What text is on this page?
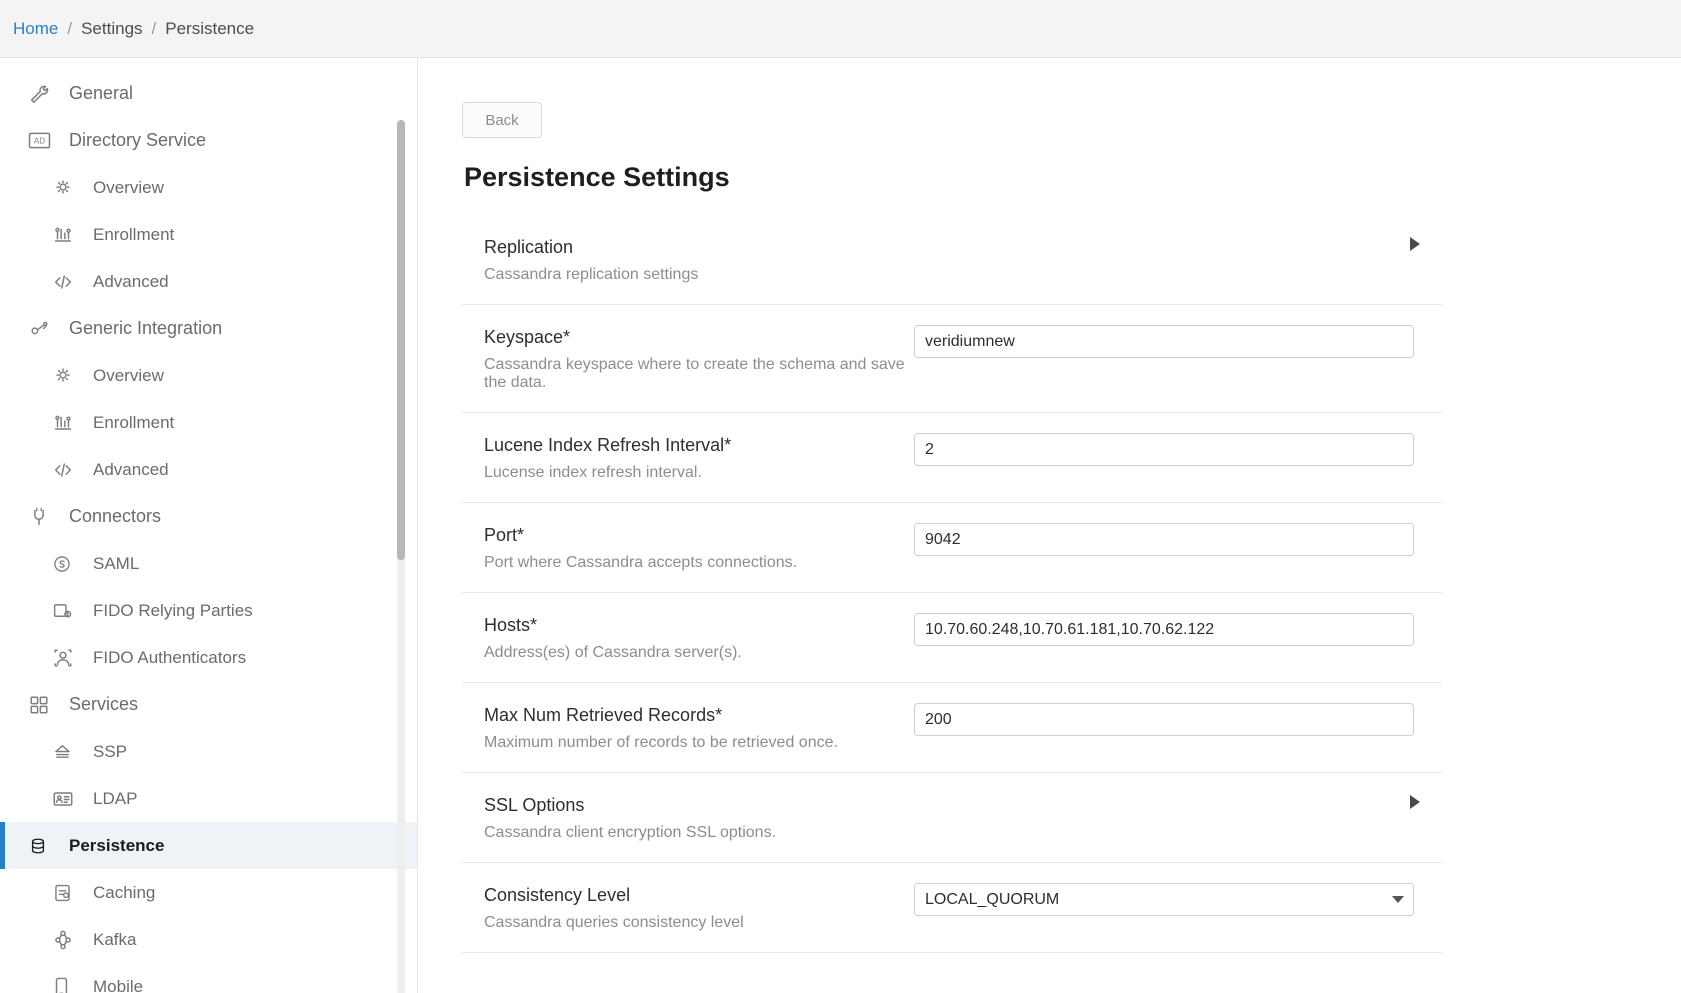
Home / Settings / Persistence
General
AD Directory Service
Overview
Enrollment
Advanced
Generic Integration
Overview
Enrollment
Advanced
Connectors
SAML
FIDO Relying Parties
FIDO Authenticators
Services
SSP
LDAP
Persistence
Caching
Kafka
Mobile
Back
Persistence Settings
Replication
Cassandra replication settings
Keyspace*
Cassandra keyspace where to create the schema and save the data.
veridiumnew
Lucene Index Refresh Interval*
Lucense index refresh interval.
2
Port*
Port where Cassandra accepts connections.
9042
Hosts*
Address(es) of Cassandra server(s).
10.70.60.248,10.70.61.181,10.70.62.122
Max Num Retrieved Records*
Maximum number of records to be retrieved once.
200
SSL Options
Cassandra client encryption SSL options.
Consistency Level
Cassandra queries consistency level
LOCAL_QUORUM
